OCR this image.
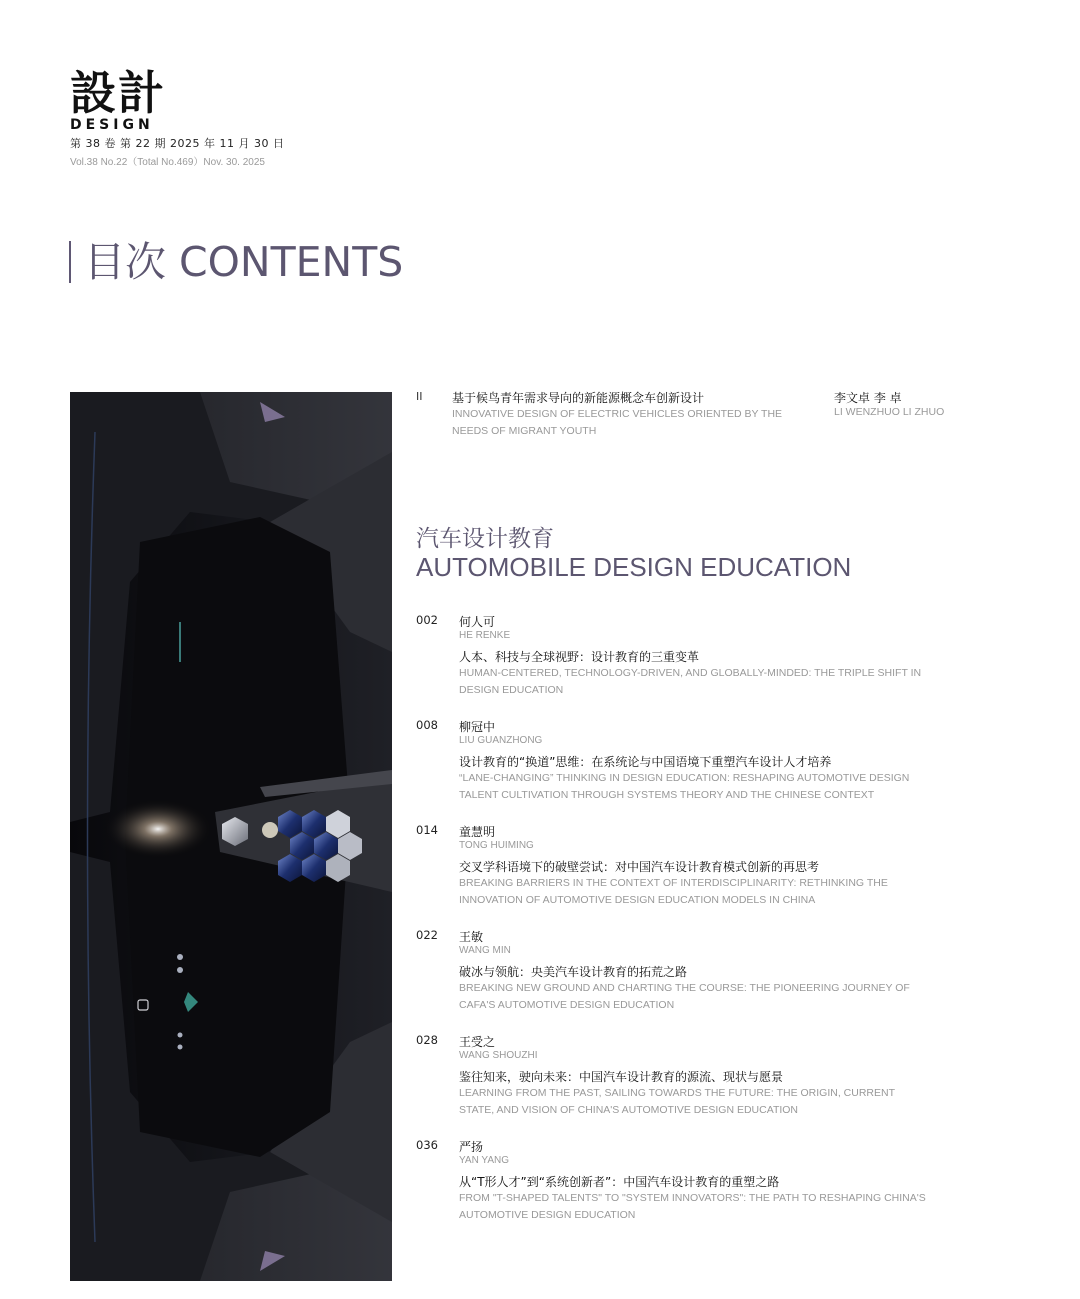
設計
DESIGN
第 38 卷 第 22 期 2025 年 11 月 30 日
Vol.38 No.22（Total No.469）Nov. 30. 2025
目次 CONTENTS
II 基于候鸟青年需求导向的新能源概念车创新设计
INNOVATIVE DESIGN OF ELECTRIC VEHICLES ORIENTED BY THE NEEDS OF MIGRANT YOUTH
李文卓 李 卓
LI WENZHUO LI ZHUO
汽车设计教育
AUTOMOBILE DESIGN EDUCATION
002 何人可
HE RENKE
人本、科技与全球视野：设计教育的三重变革
HUMAN-CENTERED, TECHNOLOGY-DRIVEN, AND GLOBALLY-MINDED: THE TRIPLE SHIFT IN DESIGN EDUCATION
008 柳冠中
LIU GUANZHONG
设计教育的“换道”思维：在系统论与中国语境下重塑汽车设计人才培养
“LANE-CHANGING” THINKING IN DESIGN EDUCATION: RESHAPING AUTOMOTIVE DESIGN TALENT CULTIVATION THROUGH SYSTEMS THEORY AND THE CHINESE CONTEXT
014 童慧明
TONG HUIMING
交叉学科语境下的破壁尝试：对中国汽车设计教育模式创新的再思考
BREAKING BARRIERS IN THE CONTEXT OF INTERDISCIPLINARITY: RETHINKING THE INNOVATION OF AUTOMOTIVE DESIGN EDUCATION MODELS IN CHINA
022 王敏
WANG MIN
破冰与领航：央美汽车设计教育的拓荒之路
BREAKING NEW GROUND AND CHARTING THE COURSE: THE PIONEERING JOURNEY OF CAFA'S AUTOMOTIVE DESIGN EDUCATION
028 王受之
WANG SHOUZHI
鉴往知来，驶向未来：中国汽车设计教育的源流、现状与愿景
LEARNING FROM THE PAST, SAILING TOWARDS THE FUTURE: THE ORIGIN, CURRENT STATE, AND VISION OF CHINA'S AUTOMOTIVE DESIGN EDUCATION
036 严扬
YAN YANG
从“T形人才”到“系统创新者”：中国汽车设计教育的重塑之路
FROM "T-SHAPED TALENTS" TO "SYSTEM INNOVATORS": THE PATH TO RESHAPING CHINA'S AUTOMOTIVE DESIGN EDUCATION
